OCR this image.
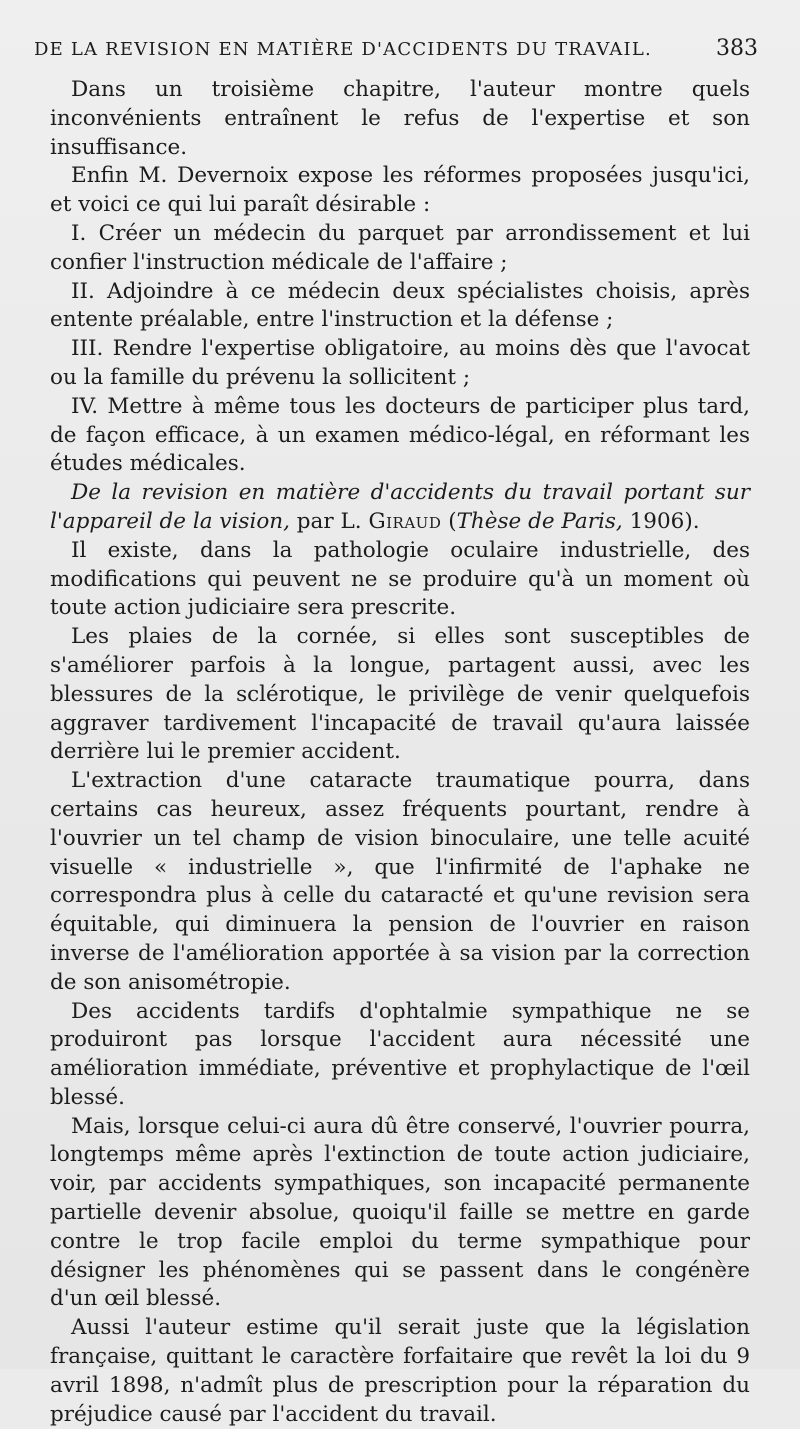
DE LA REVISION EN MATIÈRE D'ACCIDENTS DU TRAVAIL.	383

Dans un troisième chapitre, l'auteur montre quels inconvénients entraînent le refus de l'expertise et son insuffisance.

Enfin M. Devernoix expose les réformes proposées jusqu'ici, et voici ce qui lui paraît désirable :

I. Créer un médecin du parquet par arrondissement et lui confier l'instruction médicale de l'affaire ;

II. Adjoindre à ce médecin deux spécialistes choisis, après entente préalable, entre l'instruction et la défense ;

III. Rendre l'expertise obligatoire, au moins dès que l'avocat ou la famille du prévenu la sollicitent ;

IV. Mettre à même tous les docteurs de participer plus tard, de façon efficace, à un examen médico-légal, en réformant les études médicales.

De la revision en matière d'accidents du travail portant sur l'appareil de la vision, par L. Giraud (Thèse de Paris, 1906).

Il existe, dans la pathologie oculaire industrielle, des modifications qui peuvent ne se produire qu'à un moment où toute action judiciaire sera prescrite.

Les plaies de la cornée, si elles sont susceptibles de s'améliorer parfois à la longue, partagent aussi, avec les blessures de la sclérotique, le privilège de venir quelquefois aggraver tardivement l'incapacité de travail qu'aura laissée derrière lui le premier accident.

L'extraction d'une cataracte traumatique pourra, dans certains cas heureux, assez fréquents pourtant, rendre à l'ouvrier un tel champ de vision binoculaire, une telle acuité visuelle « industrielle », que l'infirmité de l'aphake ne correspondra plus à celle du cataracté et qu'une revision sera équitable, qui diminuera la pension de l'ouvrier en raison inverse de l'amélioration apportée à sa vision par la correction de son anisométropie.

Des accidents tardifs d'ophtalmie sympathique ne se produiront pas lorsque l'accident aura nécessité une amélioration immédiate, préventive et prophylactique de l'œil blessé.

Mais, lorsque celui-ci aura dû être conservé, l'ouvrier pourra, longtemps même après l'extinction de toute action judiciaire, voir, par accidents sympathiques, son incapacité permanente partielle devenir absolue, quoiqu'il faille se mettre en garde contre le trop facile emploi du terme sympathique pour désigner les phénomènes qui se passent dans le congénère d'un œil blessé.

Aussi l'auteur estime qu'il serait juste que la législation française, quittant le caractère forfaitaire que revêt la loi du 9 avril 1898, n'admît plus de prescription pour la réparation du préjudice causé par l'accident du travail.
